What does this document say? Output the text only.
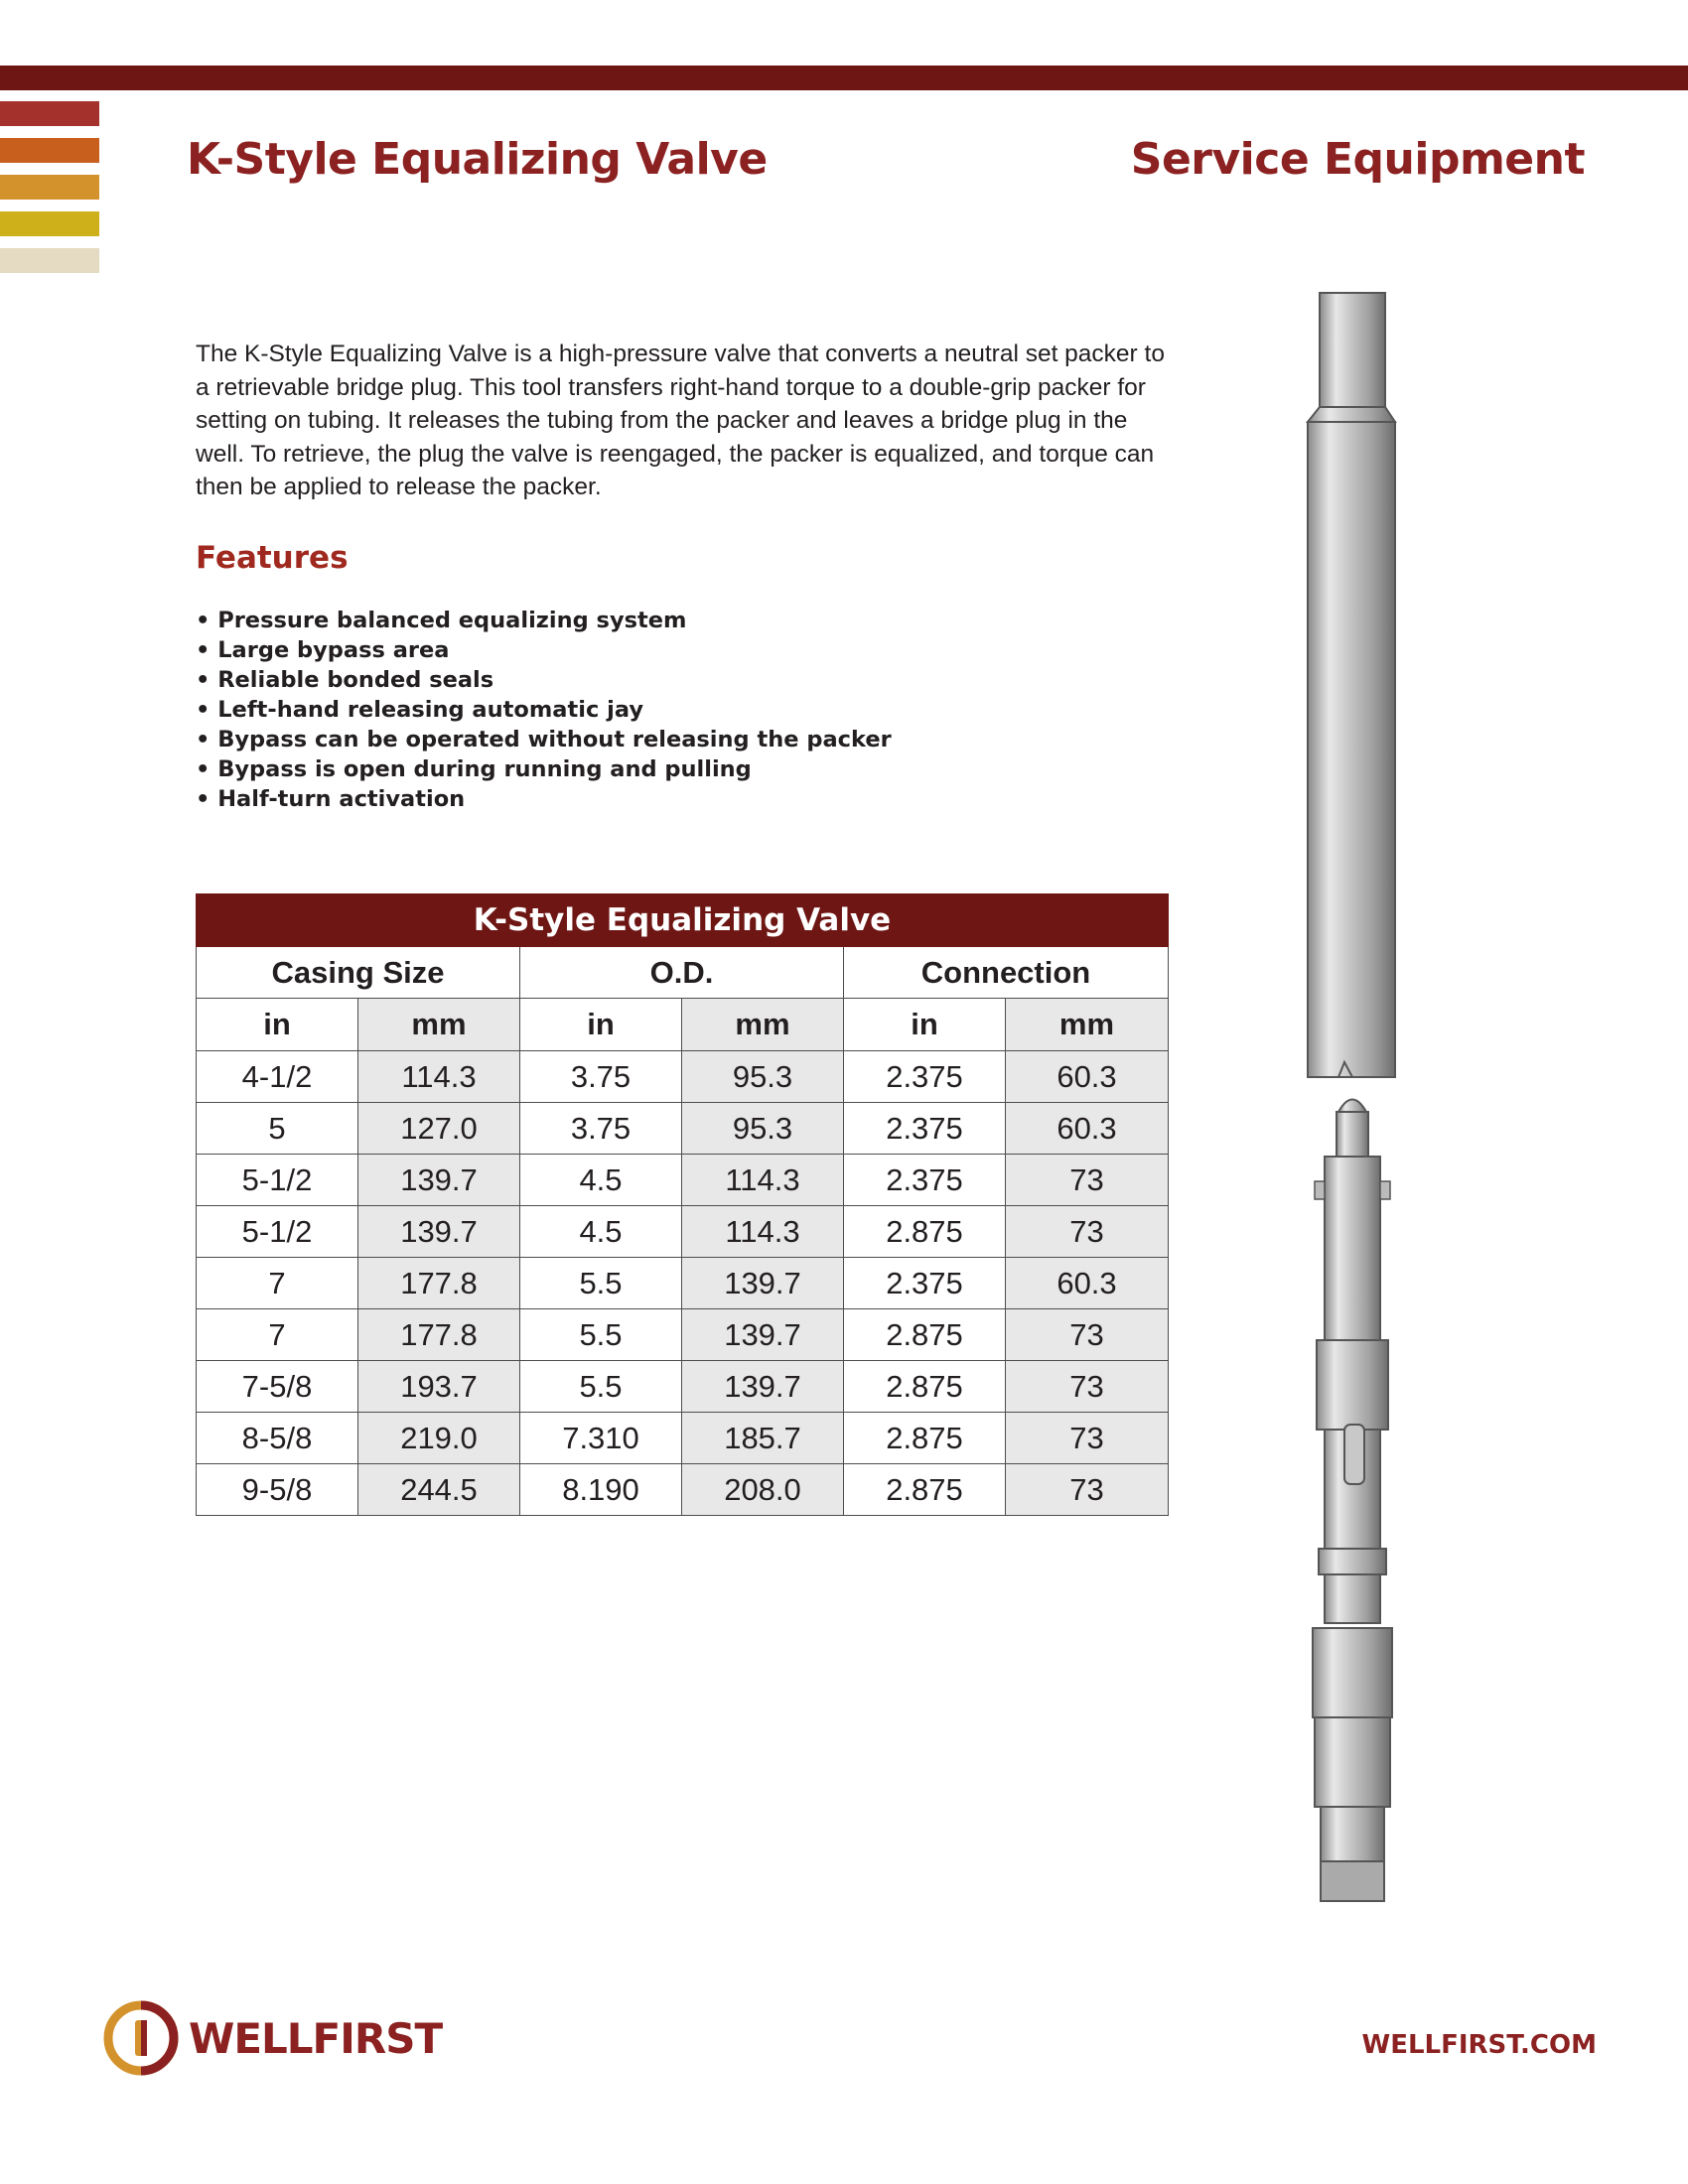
K-Style Equalizing Valve	Service Equipment
The K-Style Equalizing Valve is a high-pressure valve that converts a neutral set packer to a retrievable bridge plug. This tool transfers right-hand torque to a double-grip packer for setting on tubing. It releases the tubing from the packer and leaves a bridge plug in the well. To retrieve, the plug the valve is reengaged, the packer is equalized, and torque can then be applied to release the packer.
Features
• Pressure balanced equalizing system
• Large bypass area
• Reliable bonded seals
• Left-hand releasing automatic jay
• Bypass can be operated without releasing the packer
• Bypass is open during running and pulling
• Half-turn activation
K-Style Equalizing Valve					
Casing Size		O.D.		Connection	
in	mm	in	mm	in	mm
4-1/2	114.3	3.75	95.3	2.375	60.3
5	127.0	3.75	95.3	2.375	60.3
5-1/2	139.7	4.5	114.3	2.375	73
5-1/2	139.7	4.5	114.3	2.875	73
7	177.8	5.5	139.7	2.375	60.3
7	177.8	5.5	139.7	2.875	73
7-5/8	193.7	5.5	139.7	2.875	73
8-5/8	219.0	7.310	185.7	2.875	73
9-5/8	244.5	8.190	208.0	2.875	73
WELLFIRST	WELLFIRST.COM
